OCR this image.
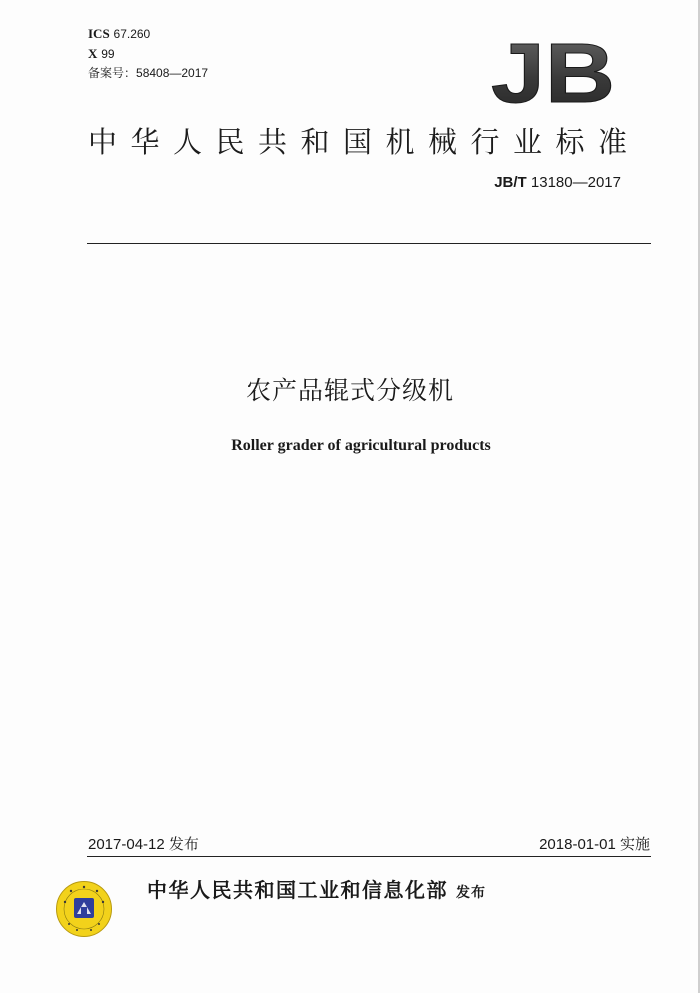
ICS 67.260
X 99
备案号：58408—2017	JB
中华人民共和国机械行业标准
JB/T 13180—2017
农产品辊式分级机
Roller grader of agricultural products
2017-04-12 发布	2018-01-01 实施
中华人民共和国工业和信息化部 发布
